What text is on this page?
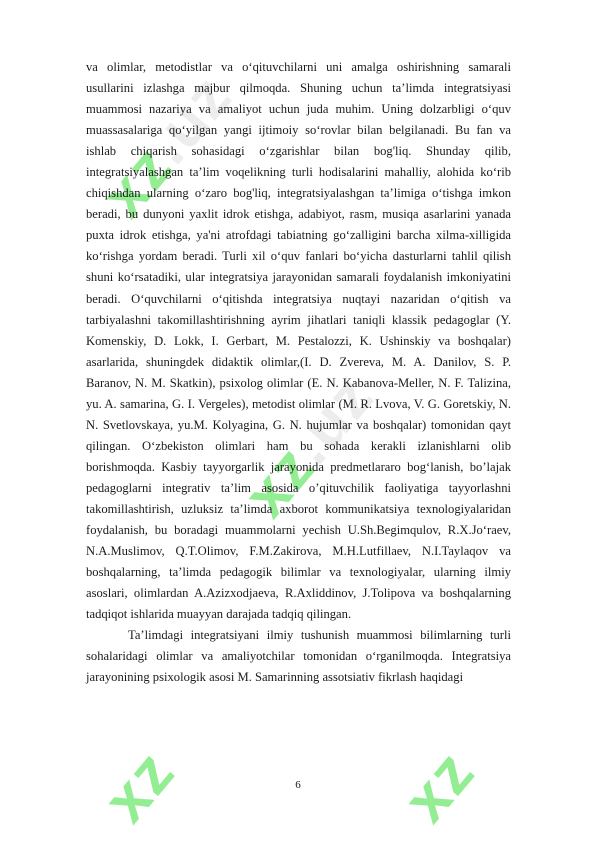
xz.uz
xz.uz
xz	xz

va olimlar, metodistlar va o‘qituvchilarni uni amalga oshirishning samarali usullarini izlashga majbur qilmoqda. Shuning uchun ta’limda integratsiyasi muammosi nazariya va amaliyot uchun juda muhim. Uning dolzarbligi o‘quv muassasalariga qo‘yilgan yangi ijtimoiy so‘rovlar bilan belgilanadi. Bu fan va ishlab chiqarish sohasidagi o‘zgarishlar bilan bog'liq. Shunday qilib, integratsiyalashgan ta’lim voqelikning turli hodisalarini mahalliy, alohida ko‘rib chiqishdan ularning o‘zaro bog'liq, integratsiyalashgan ta’limiga o‘tishga imkon beradi, bu dunyoni yaxlit idrok etishga, adabiyot, rasm, musiqa asarlarini yanada puxta idrok etishga, ya'ni atrofdagi tabiatning go‘zalligini barcha xilma-xilligida ko‘rishga yordam beradi. Turli xil o‘quv fanlari bo‘yicha dasturlarni tahlil qilish shuni ko‘rsatadiki, ular integratsiya jarayonidan samarali foydalanish imkoniyatini beradi. O‘quvchilarni o‘qitishda integratsiya nuqtayi nazaridan o‘qitish va tarbiyalashni takomillashtirishning ayrim jihatlari taniqli klassik pedagoglar (Y. Komenskiy, D. Lokk, I. Gerbart, M. Pestalozzi, K. Ushinskiy va boshqalar) asarlarida, shuningdek didaktik olimlar,(I. D. Zvereva, M. A. Danilov, S. P. Baranov, N. M. Skatkin), psixolog olimlar (E. N. Kabanova-Meller, N. F. Talizina, yu. A. samarina, G. I. Vergeles), metodist olimlar (M. R. Lvova, V. G. Goretskiy, N. N. Svetlovskaya, yu.M. Kolyagina, G. N. hujumlar va boshqalar) tomonidan qayt qilingan. O‘zbekiston olimlari ham bu sohada kerakli izlanishlarni olib borishmoqda. Kasbiy tayyorgarlik jarayonida predmetlararo bog‘lanish, bo’lajak pedagoglarni integrativ ta’lim asosida o’qituvchilik faoliyatiga tayyorlashni takomillashtirish, uzluksiz ta’limda axborot kommunikatsiya texnologiyalaridan foydalanish, bu boradagi muammolarni yechish U.Sh.Begimqulov, R.X.Jo‘raev, N.A.Muslimov, Q.T.Olimov, F.M.Zakirova, M.H.Lutfillaev, N.I.Taylaqov va boshqalarning, ta’limda pedagogik bilimlar va texnologiyalar, ularning ilmiy asoslari, olimlardan A.Azizxodjaeva, R.Axliddinov, J.Tolipova va boshqalarning tadqiqot ishlarida muayyan darajada tadqiq qilingan.

Ta’limdagi integratsiyani ilmiy tushunish muammosi bilimlarning turli sohalaridagi olimlar va amaliyotchilar tomonidan o‘rganilmoqda. Integratsiya jarayonining psixologik asosi M. Samarinning assotsiativ fikrlash haqidagi

6
